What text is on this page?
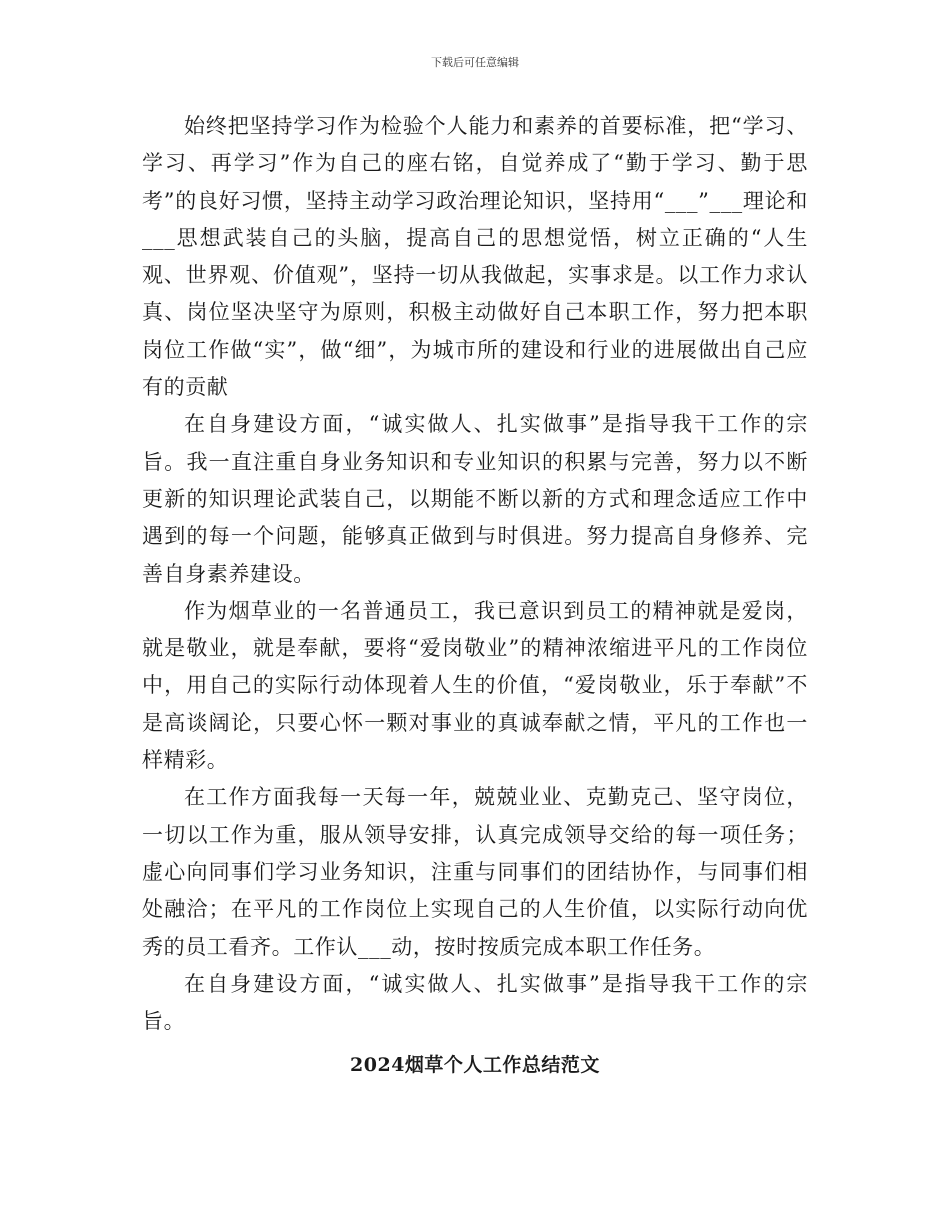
下载后可任意编辑

始终把坚持学习作为检验个人能力和素养的首要标准，把“学习、学习、再学习”作为自己的座右铭，自觉养成了“勤于学习、勤于思考”的良好习惯，坚持主动学习政治理论知识，坚持用“___”___理论和___思想武装自己的头脑，提高自己的思想觉悟，树立正确的“人生观、世界观、价值观”，坚持一切从我做起，实事求是。以工作力求认真、岗位坚决坚守为原则，积极主动做好自己本职工作，努力把本职岗位工作做“实”，做“细”，为城市所的建设和行业的进展做出自己应有的贡献

在自身建设方面，“诚实做人、扎实做事”是指导我干工作的宗旨。我一直注重自身业务知识和专业知识的积累与完善，努力以不断更新的知识理论武装自己，以期能不断以新的方式和理念适应工作中遇到的每一个问题，能够真正做到与时俱进。努力提高自身修养、完善自身素养建设。

作为烟草业的一名普通员工，我已意识到员工的精神就是爱岗，就是敬业，就是奉献，要将“爱岗敬业”的精神浓缩进平凡的工作岗位中，用自己的实际行动体现着人生的价值，“爱岗敬业，乐于奉献”不是高谈阔论，只要心怀一颗对事业的真诚奉献之情，平凡的工作也一样精彩。

在工作方面我每一天每一年，兢兢业业、克勤克己、坚守岗位，一切以工作为重，服从领导安排，认真完成领导交给的每一项任务；虚心向同事们学习业务知识，注重与同事们的团结协作，与同事们相处融洽；在平凡的工作岗位上实现自己的人生价值，以实际行动向优秀的员工看齐。工作认___动，按时按质完成本职工作任务。

在自身建设方面，“诚实做人、扎实做事”是指导我干工作的宗旨。

2024烟草个人工作总结范文
